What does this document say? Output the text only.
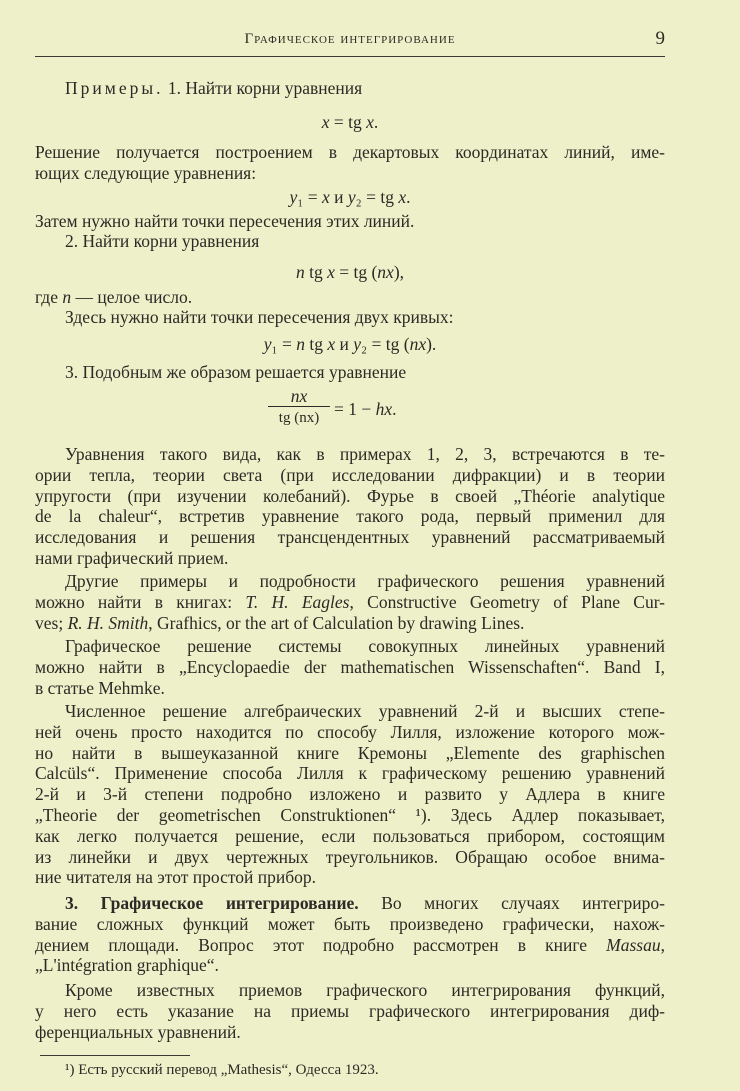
Графическое интегрирование	9
Примеры. 1. Найти корни уравнения
x = tg x.
Решение получается построением в декартовых координатах линий, име-
ющих следующие уравнения:
y₁ = x и y₂ = tg x.
Затем нужно найти точки пересечения этих линий.
2. Найти корни уравнения
n tg x = tg (nx),
где n — целое число.
Здесь нужно найти точки пересечения двух кривых:
y₁ = n tg x и y₂ = tg (nx).
3. Подобным же образом решается уравнение
Уравнения такого вида, как в примерах 1, 2, 3, встречаются в те-
ории тепла, теории света (при исследовании дифракции) и в теории
упругости (при изучении колебаний). Фурье в своей „Théorie analytique
de la chaleur“, встретив уравнение такого рода, первый применил для
исследования и решения трансцендентных уравнений рассматриваемый
нами графический прием.
Другие примеры и подробности графического решения уравнений
можно найти в книгах: T. H. Eagles, Constructive Geometry of Plane Cur-
ves; R. H. Smith, Grafhics, or the art of Calculation by drawing Lines.
Графическое решение системы совокупных линейных уравнений
можно найти в „Encyclopaedie der mathematischen Wissenschaften“. Band I,
в статье Mehmke.
Численное решение алгебраических уравнений 2-й и высших степе-
ней очень просто находится по способу Лилля, изложение которого мож-
но найти в вышеуказанной книге Кремоны „Elemente des graphischen
Calcüls“. Применение способа Лилля к графическому решению уравнений
2-й и 3-й степени подробно изложено и развито у Адлера в книге
„Theorie der geometrischen Construktionen“ ¹). Здесь Адлер показывает,
как легко получается решение, если пользоваться прибором, состоящим
из линейки и двух чертежных треугольников. Обращаю особое внима-
ние читателя на этот простой прибор.
3. Графическое интегрирование. Во многих случаях интегриро-
вание сложных функций может быть произведено графически, нахож-
дением площади. Вопрос этот подробно рассмотрен в книге Massau,
„L'intégration graphique“.
Кроме известных приемов графического интегрирования функций,
у него есть указание на приемы графического интегрирования диф-
ференциальных уравнений.
$\frac{nx}{tg (nx)} = 1$ − hx.
¹) Есть русский перевод „Mathesis“, Одесса 1923.
